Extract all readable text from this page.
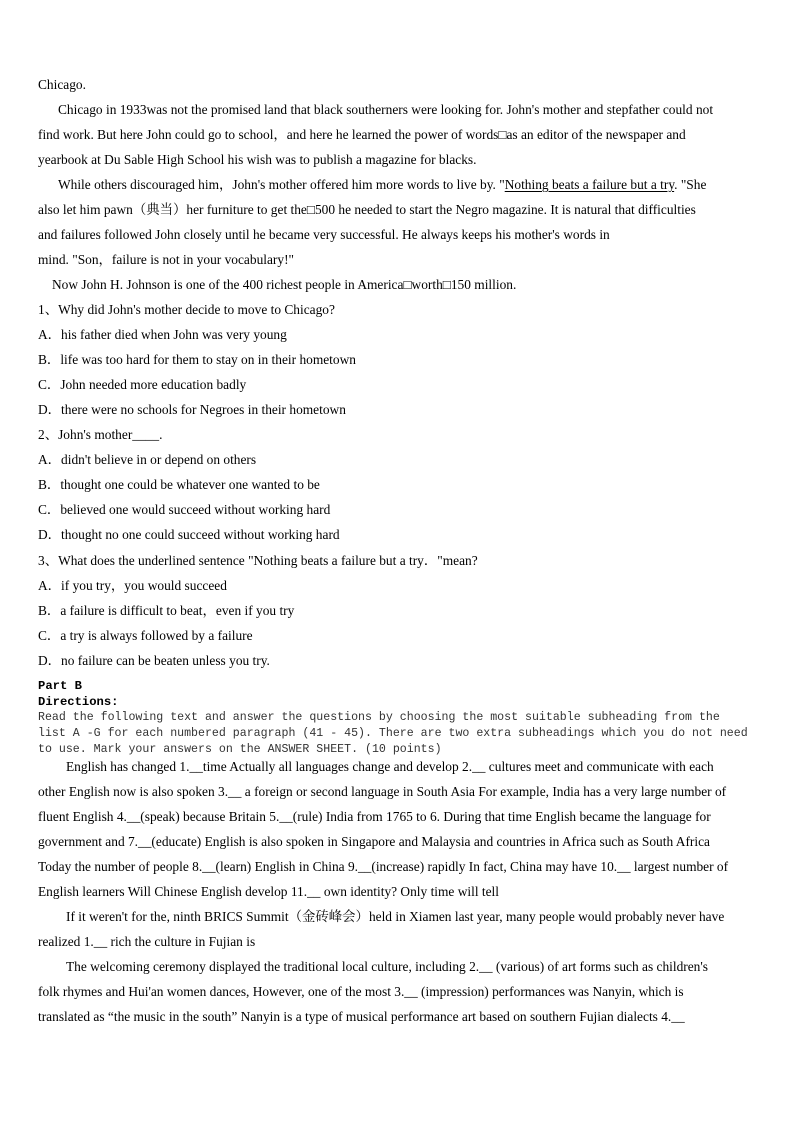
Chicago.
Chicago in 1933was not the promised land that black southerners were looking for. John's mother and stepfather could not
find work. But here John could go to school，and here he learned the power of words□as an editor of the newspaper and
yearbook at Du Sable High School his wish was to publish a magazine for blacks.
While others discouraged him，John's mother offered him more words to live by. "Nothing beats a failure but a try. "She
also let him pawn（典当）her furniture to get the□500 he needed to start the Negro magazine. It is natural that difficulties
and failures followed John closely until he became very successful. He always keeps his mother's words in
mind. "Son，failure is not in your vocabulary!"
Now John H. Johnson is one of the 400 richest people in America□worth□150 million.
1、Why did John's mother decide to move to Chicago?
A．his father died when John was very young
B．life was too hard for them to stay on in their hometown
C．John needed more education badly
D．there were no schools for Negroes in their hometown
2、John's mother____.
A．didn't believe in or depend on others
B．thought one could be whatever one wanted to be
C．believed one would succeed without working hard
D．thought no one could succeed without working hard
3、What does the underlined sentence "Nothing beats a failure but a try．"mean?
A．if you try，you would succeed
B．a failure is difficult to beat，even if you try
C．a try is always followed by a failure
D．no failure can be beaten unless you try.
Part B
Directions:
Read the following text and answer the questions by choosing the most suitable subheading from the
list A -G for each numbered paragraph (41 - 45). There are two extra subheadings which you do not need
to use. Mark your answers on the ANSWER SHEET. (10 points)
English has changed 1.__time Actually all languages change and develop 2.__ cultures meet and communicate with each
other English now is also spoken 3.__ a foreign or second language in South Asia For example, India has a very large number of
fluent English 4.__(speak) because Britain 5.__(rule) India from 1765 to 6. During that time English became the language for
government and 7.__(educate) English is also spoken in Singapore and Malaysia and countries in Africa such as South Africa
Today the number of people 8.__(learn) English in China 9.__(increase) rapidly In fact, China may have 10.__ largest number of
English learners Will Chinese English develop 11.__ own identity? Only time will tell
If it weren't for the, ninth BRICS Summit（金砖峰会）held in Xiamen last year, many people would probably never have
realized 1.__ rich the culture in Fujian is
The welcoming ceremony displayed the traditional local culture, including 2.__ (various) of art forms such as children's
folk rhymes and Hui'an women dances, However, one of the most 3.__ (impression) performances was Nanyin, which is
translated as “the music in the south” Nanyin is a type of musical performance art based on southern Fujian dialects 4.__
